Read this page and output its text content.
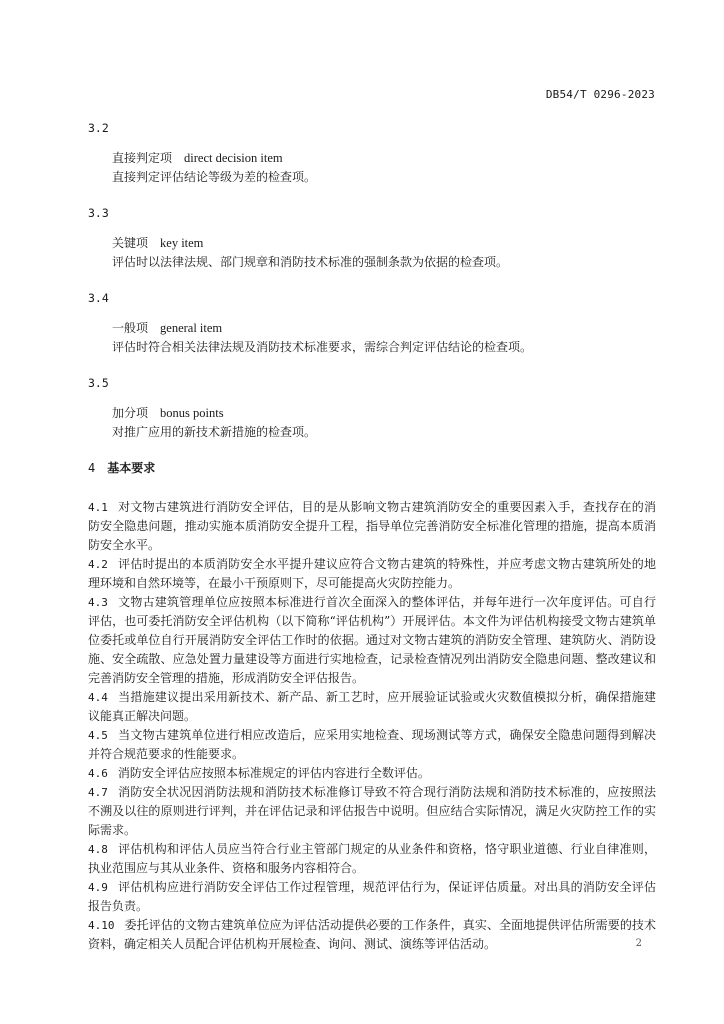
DB54/T 0296-2023
3.2
直接判定项 direct decision item
直接判定评估结论等级为差的检查项。
3.3
关键项 key item
评估时以法律法规、部门规章和消防技术标准的强制条款为依据的检查项。
3.4
一般项 general item
评估时符合相关法律法规及消防技术标准要求，需综合判定评估结论的检查项。
3.5
加分项 bonus points
对推广应用的新技术新措施的检查项。
4 基本要求

4.1 对文物古建筑进行消防安全评估，目的是从影响文物古建筑消防安全的重要因素入手，查找存在的消防安全隐患问题，推动实施本质消防安全提升工程，指导单位完善消防安全标准化管理的措施，提高本质消防安全水平。

4.2 评估时提出的本质消防安全水平提升建议应符合文物古建筑的特殊性，并应考虑文物古建筑所处的地理环境和自然环境等，在最小干预原则下，尽可能提高火灾防控能力。

4.3 文物古建筑管理单位应按照本标准进行首次全面深入的整体评估，并每年进行一次年度评估。可自行评估，也可委托消防安全评估机构（以下简称“评估机构”）开展评估。本文件为评估机构接受文物古建筑单位委托或单位自行开展消防安全评估工作时的依据。通过对文物古建筑的消防安全管理、建筑防火、消防设施、安全疏散、应急处置力量建设等方面进行实地检查，记录检查情况列出消防安全隐患问题、整改建议和完善消防安全管理的措施，形成消防安全评估报告。

4.4 当措施建议提出采用新技术、新产品、新工艺时，应开展验证试验或火灾数值模拟分析，确保措施建议能真正解决问题。

4.5 当文物古建筑单位进行相应改造后，应采用实地检查、现场测试等方式，确保安全隐患问题得到解决并符合规范要求的性能要求。

4.6 消防安全评估应按照本标准规定的评估内容进行全数评估。

4.7 消防安全状况因消防法规和消防技术标准修订导致不符合现行消防法规和消防技术标准的，应按照法不溯及以往的原则进行评判，并在评估记录和评估报告中说明。但应结合实际情况，满足火灾防控工作的实际需求。

4.8 评估机构和评估人员应当符合行业主管部门规定的从业条件和资格，恪守职业道德、行业自律准则，执业范围应与其从业条件、资格和服务内容相符合。

4.9 评估机构应进行消防安全评估工作过程管理，规范评估行为，保证评估质量。对出具的消防安全评估报告负责。

4.10 委托评估的文物古建筑单位应为评估活动提供必要的工作条件，真实、全面地提供评估所需要的技术资料，确定相关人员配合评估机构开展检查、询问、测试、演练等评估活动。	2
